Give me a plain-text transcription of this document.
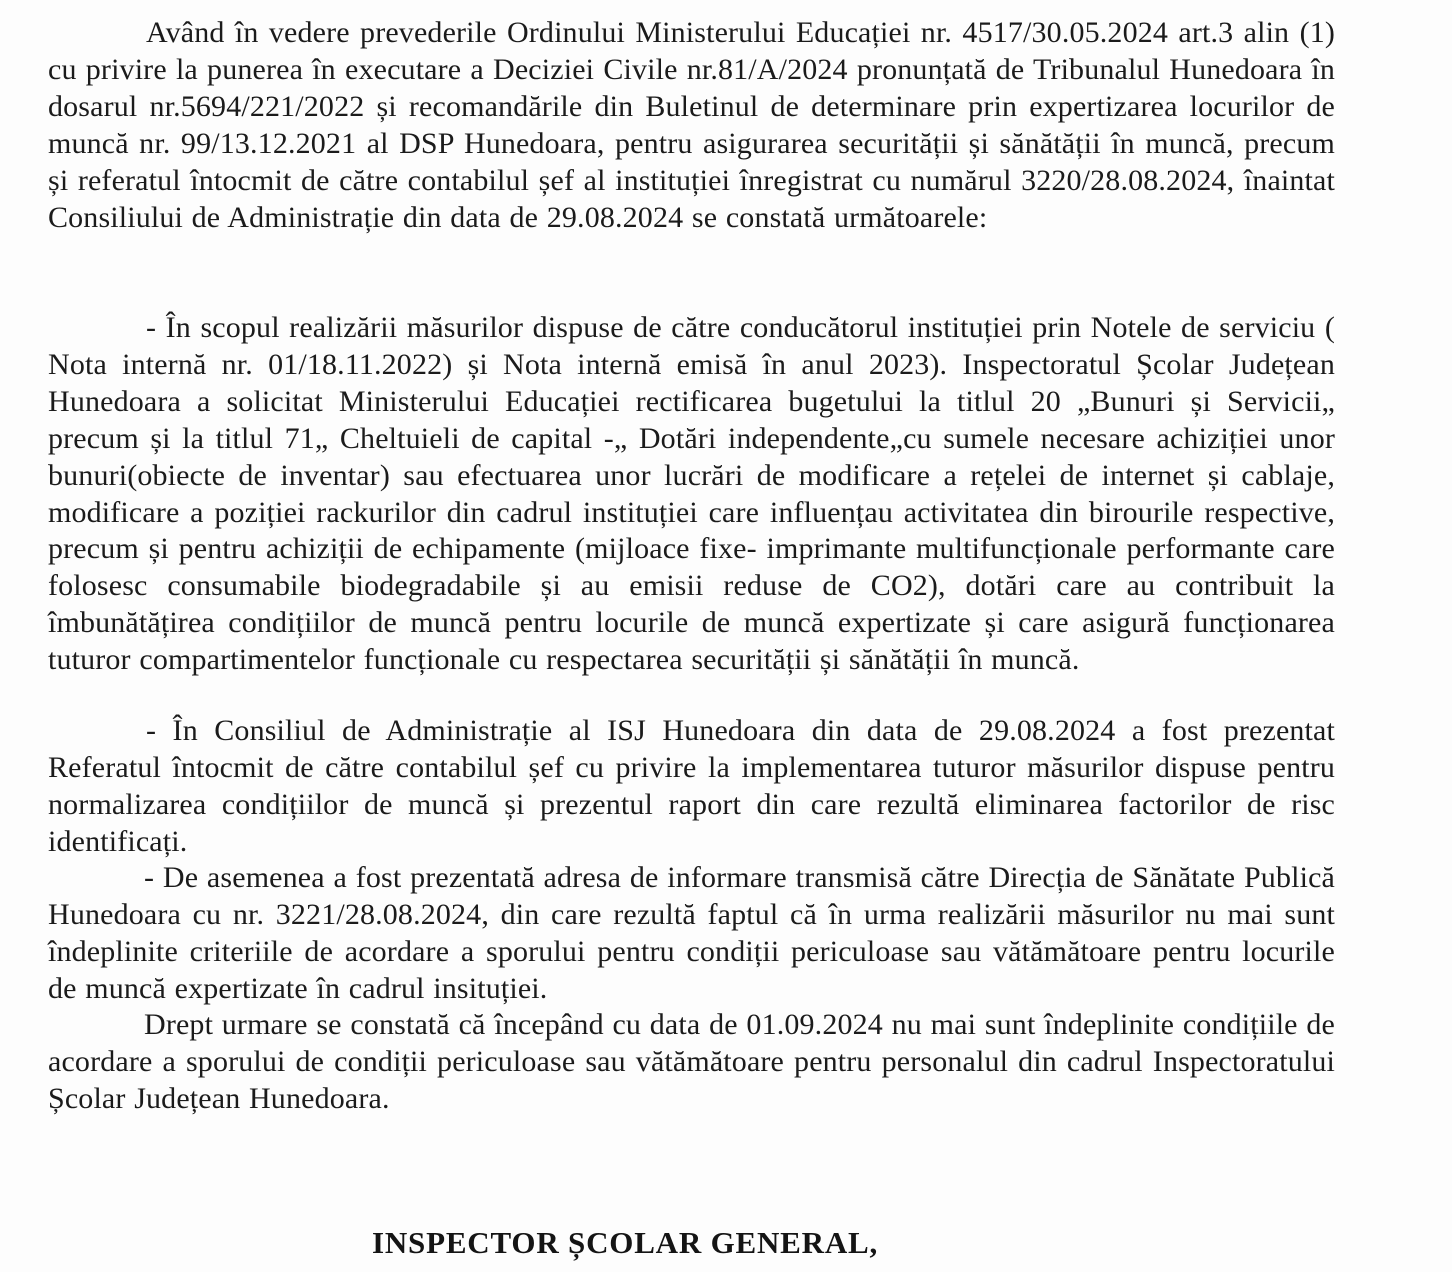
Având în vedere prevederile Ordinului Ministerului Educației nr. 4517/30.05.2024 art.3 alin (1) cu privire la punerea în executare a Deciziei Civile nr.81/A/2024 pronunțată de Tribunalul Hunedoara în dosarul nr.5694/221/2022 și recomandările din Buletinul de determinare prin expertizarea locurilor de muncă nr. 99/13.12.2021 al DSP Hunedoara, pentru asigurarea securității și sănătății în muncă, precum și referatul întocmit de către contabilul șef al instituției înregistrat cu numărul 3220/28.08.2024, înaintat Consiliului de Administrație din data de 29.08.2024 se constată următoarele:

- În scopul realizării măsurilor dispuse de către conducătorul instituției prin Notele de serviciu ( Nota internă nr. 01/18.11.2022) și Nota internă emisă în anul 2023). Inspectoratul Școlar Județean Hunedoara a solicitat Ministerului Educației rectificarea bugetului la titlul 20 „Bunuri și Servicii„ precum și la titlul 71„ Cheltuieli de capital -„ Dotări independente„cu sumele necesare achiziției unor bunuri(obiecte de inventar) sau efectuarea unor lucrări de modificare a rețelei de internet și cablaje, modificare a poziției rackurilor din cadrul instituției care influențau activitatea din birourile respective, precum și pentru achiziții de echipamente (mijloace fixe- imprimante multifuncționale performante care folosesc consumabile biodegradabile și au emisii reduse de CO2), dotări care au contribuit la îmbunătățirea condițiilor de muncă pentru locurile de muncă expertizate și care asigură funcționarea tuturor compartimentelor funcționale cu respectarea securității și sănătății în muncă.

- În Consiliul de Administrație al ISJ Hunedoara din data de 29.08.2024 a fost prezentat Referatul întocmit de către contabilul șef cu privire la implementarea tuturor măsurilor dispuse pentru normalizarea condițiilor de muncă și prezentul raport din care rezultă eliminarea factorilor de risc identificați.

- De asemenea a fost prezentată adresa de informare transmisă către Direcția de Sănătate Publică Hunedoara cu nr. 3221/28.08.2024, din care rezultă faptul că în urma realizării măsurilor nu mai sunt îndeplinite criteriile de acordare a sporului pentru condiții periculoase sau vătămătoare pentru locurile de muncă expertizate în cadrul insituției.

Drept urmare se constată că începând cu data de 01.09.2024 nu mai sunt îndeplinite condițiile de acordare a sporului de condiții periculoase sau vătămătoare pentru personalul din cadrul Inspectoratului Școlar Județean Hunedoara.

INSPECTOR ȘCOLAR GENERAL,
